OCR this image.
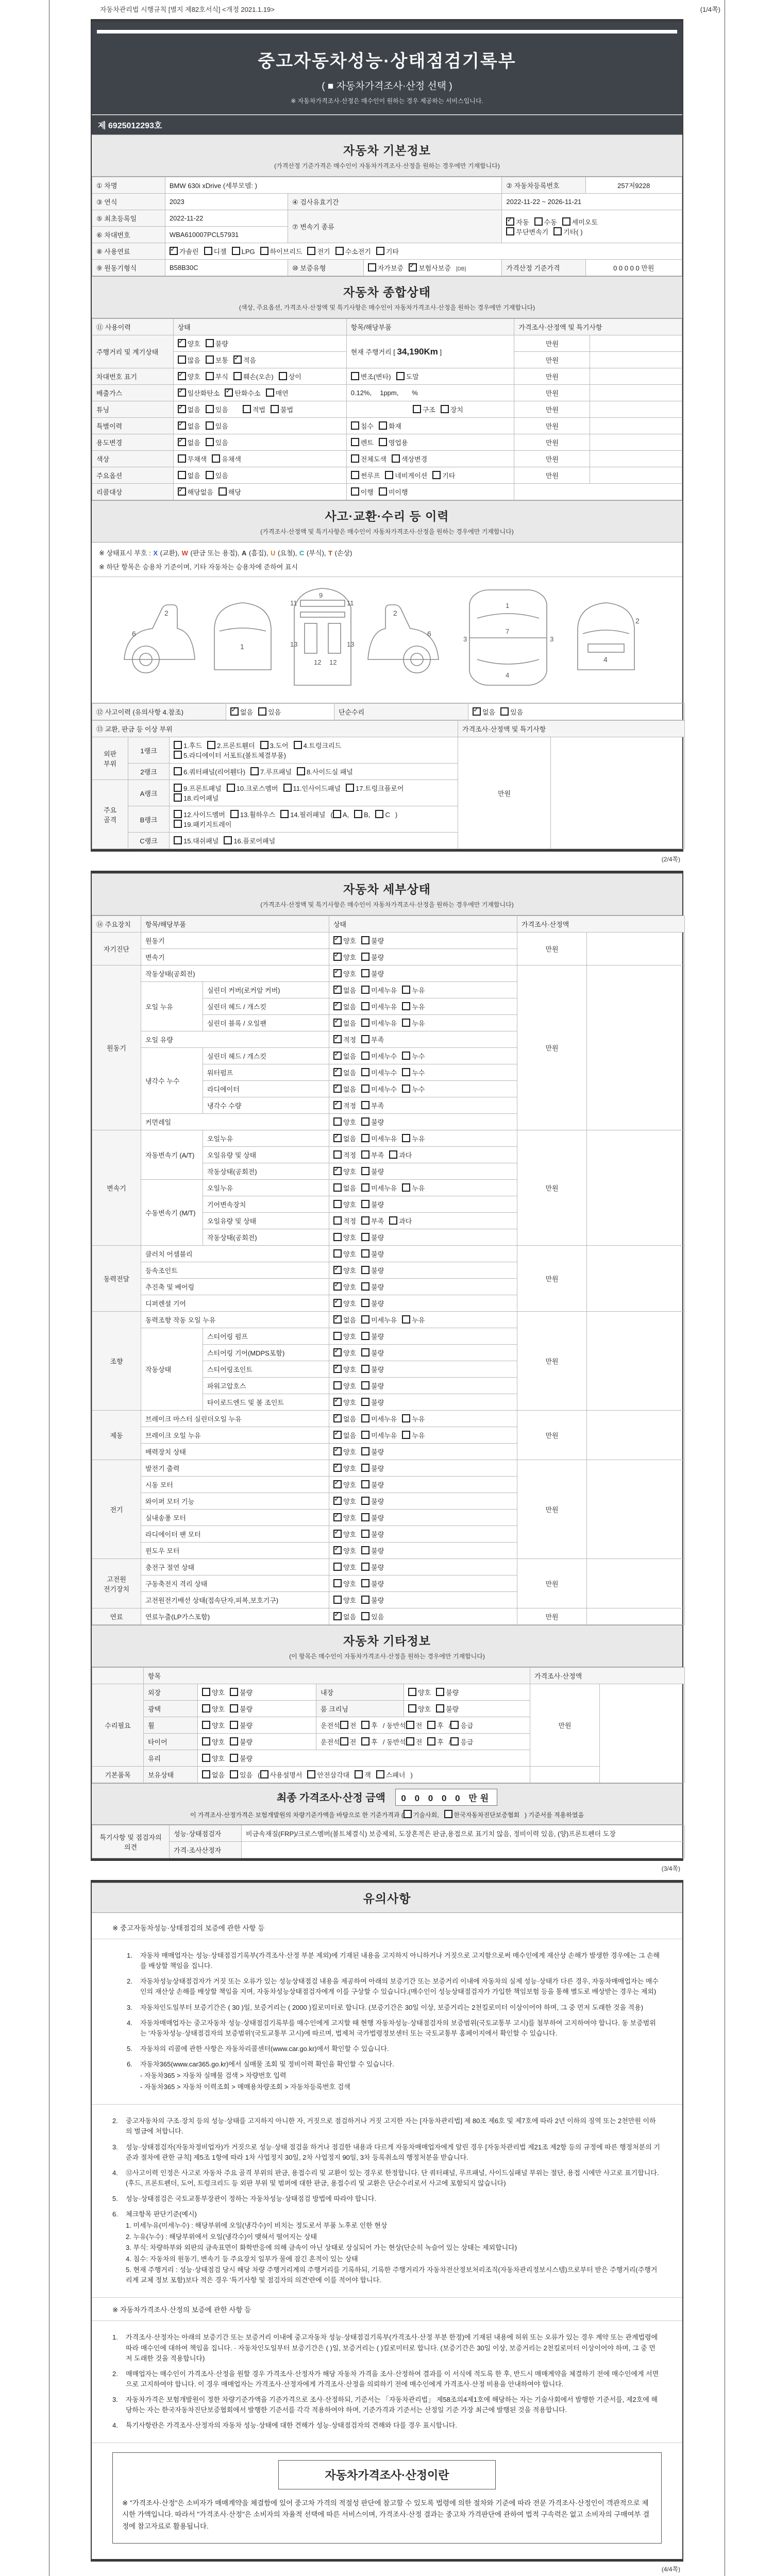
자동차관리법 시행규칙 [별지 제82호서식] <개정 2021.1.19>	(1/4쪽)
중고자동차성능·상태점검기록부
( ■ 자동차가격조사·산정 선택 )
※ 자동차가격조사·산정은 매수인이 원하는 경우 제공하는 서비스입니다.
제 6925012293호
자동차 기본정보
(가격산정 기준가격은 매수인이 자동차가격조사·산정을 원하는 경우에만 기재합니다)
① 차명	BMW 630i xDrive (세부모델: )			② 자동차등록번호	257저9228
③ 연식	2023	④ 검사유효기간		2022-11-22 ~ 2026-11-21	
⑤ 최초등록일	2022-11-22	⑦ 변속기 종류	✓자동 수동 세미오토
무단변속기 기타( )
⑥ 차대번호	WBA610007PCL57931				
⑧ 사용연료	✓가솔린 디젤 LPG 하이브리드 전기 수소전기 기타
⑨ 원동기형식	B58B30C	⑩ 보증유형	자가보증 ✓ 보험사보증 [DB]	가격산정 기준가격	0 0 0 0 0 만원
자동차 종합상태
(색상, 주요옵션, 가격조사·산정액 및 특기사항은 매수인이 자동차가격조사·산정을 원하는 경우에만 기재합니다)
⑪ 사용이력	상태	항목/해당부품	가격조사·산정액 및 특기사항	
주행거리 및 계기상태	✓양호 불량	현재 주행거리 [ 34,190Km ]	만원	
	많음 보통 ✓ 적음		만원	
차대번호 표기	✓양호 부식 훼손(오손) 상이	변조(변타) 도말	만원	
배출가스	✓일산화탄소 ✓ 탄화수소 매연	0.12%, 1ppm, %	만원	
튜닝	✓없음 있음 적법 불법	구조 장치	만원	
특별이력	✓없음 있음	침수 화재	만원	
용도변경	✓없음 있음	렌트 영업용	만원	
색상	무채색 유채색	전체도색 색상변경	만원	
주요옵션	없음 있음	썬루프 네비게이션 기타	만원	
리콜대상	✓해당없음 해당	이행 미이행		
사고·교환·수리 등 이력
(가격조사·산정액 및 특기사항은 매수인이 자동차가격조사·산정을 원하는 경우에만 기재합니다)
※ 상태표시 부호 : X (교환), W (판금 또는 용접), A (흠집), U (요철), C (부식), T (손상)
※ 하단 항목은 승용차 기준이며, 기타 자동차는 승용차에 준하여 표시
2
6
1
11	11
13	13
12 12
9
2
6
1
7
4
3	3
4
2
⑫ 사고이력 (유의사항 4.참조)	✓없음 있음	단순수리	✓없음 있음
⑬ 교환, 판금 등 이상 부위			가격조사·산정액 및 특기사항	
외판 부위	1랭크	1.후드 2.프론트휀더 3.도어 4.트렁크리드
5.라디에이터 서포트(볼트체결부품)	만원	
	2랭크	6.쿼터패널(리어휀다) 7.루프패널 8.사이드실 패널		
주요 골격	A랭크	9.프론트패널 10.크로스멤버 11.인사이드패널 17.트렁크플로어
18.리어패널		
	B랭크	12.사이드멤버 13.휠하우스 14.필러패널 ( A, B, C )
19.패키지트레이		
	C랭크	15.대쉬패널 16.플로어패널		
(2/4쪽)
자동차 세부상태
(가격조사·산정액 및 특기사항은 매수인이 자동차가격조사·산정을 원하는 경우에만 기재합니다)
⑭ 주요장치	항목/해당부품		상태	가격조사·산정액	
자기진단	원동기	✓양호 불량	만원	
	변속기	✓양호 불량
원동기	작동상태(공회전)	✓양호 불량	만원	
	오일 누유	실린더 커버(로커암 커버)	✓없음 미세누유 누유
		실린더 헤드 / 개스킷	✓없음 미세누유 누유
		실린더 블록 / 오일팬	✓없음 미세누유 누유
	오일 유량	✓적정 부족
	냉각수 누수	실린더 헤드 / 개스킷	✓없음 미세누수 누수
		워터펌프	✓없음 미세누수 누수
		라디에이터	✓없음 미세누수 누수
		냉각수 수량	✓적정 부족
	커먼레일		양호 불량		
변속기	자동변속기 (A/T)	오일누유	✓없음 미세누유 누유	만원	
		오일유량 및 상태	적정 부족 과다		
		작동상태(공회전)	✓양호 불량
	수동변속기 (M/T)	오일누유	없음 미세누유 누유		
		기어변속장치	양호 불량		
		오일유량 및 상태	적정 부족 과다		
		작동상태(공회전)	양호 불량		
동력전달	클러치 어셈블리		양호 불량	만원	
	등속조인트	✓양호 불량
	추진축 및 베어링	✓양호 불량
	디퍼렌셜 기어	✓양호 불량
조향	동력조향 작동 오일 누유	✓없음 미세누유 누유	만원	
	작동상태	스티어링 펌프	양호 불량		
		스티어링 기어(MDPS포함)	✓양호 불량
		스티어링조인트	✓양호 불량
		파워고압호스	양호 불량		
		타이로드엔드 및 볼 조인트	✓양호 불량
제동	브레이크 마스터 실린더오일 누유	✓없음 미세누유 누유	만원	
	브레이크 오일 누유	✓없음 미세누유 누유
	배력장치 상태	✓양호 불량
전기	발전기 출력	✓양호 불량	만원	
	시동 모터	✓양호 불량
	와이퍼 모터 기능	✓양호 불량
	실내송풍 모터	✓양호 불량
	라디에이터 팬 모터	✓양호 불량
	윈도우 모터	✓양호 불량
고전원 전기장치	충전구 절연 상태		양호 불량	만원	
	구동축전지 격리 상태		양호 불량		
	고전원전기배선 상태(접속단자,피복,보호기구)		양호 불량		
연료	연료누출(LP가스포함)	✓없음 있음	만원	
자동차 기타정보
(이 항목은 매수인이 자동차가격조사·산정을 원하는 경우에만 기재합니다)
	항목				가격조사·산정액	
수리필요	외장	양호 불량	내장	양호 불량	만원	
	광택	양호 불량	룸 크리닝	양호 불량		
	휠	양호 불량	운전석 전 후 / 동반석 전 후 / 응급			
	타이어	양호 불량	운전석 전 후 / 동반석 전 후 / 응급			
	유리	양호 불량				
기본품목	보유상태	없음 있음 ( 사용설명서 안전삼각대 잭 스패너 )				
최종 가격조사·산정 금액 0 0 0 0 0 만원
이 가격조사·산정가격은 보험개발원의 차량기준가액을 바탕으로 한 기준가격과 ( 기술사회, 한국자동차진단보증협회 ) 기준서를 적용하였음
특기사항 및 점검자의 의견	성능·상태점검자	비금속재질(FRP)/크로스멤버(볼트체결식) 보증제외, 도장흔적은 판금,용접으로 표기치 않음, 정비이력 있음, (양)프론트펜더 도장
	가격·조사산정자	
(3/4쪽)
유의사항
※ 중고자동차성능·상태점검의 보증에 관한 사항 등
1.	자동차 매매업자는 성능·상태점검기록부(가격조사·산정 부분 제외)에 기재된 내용을 고지하지 아니하거나 거짓으로 고지함으로써 매수인에게 재산상 손해가 발생한 경우에는 그 손해를 배상할 책임을 집니다.
2.	자동차성능상태점검자가 거짓 또는 오류가 있는 성능상태점검 내용을 제공하여 아래의 보증기간 또는 보증거리 이내에 자동차의 실제 성능·상태가 다른 경우, 자동차매매업자는 매수인의 재산상 손해를 배상할 책임을 지며, 자동차성능상태점검자에게 이를 구상할 수 있습니다.(매수인이 성능상태점검자가 가입한 책임보험 등을 통해 별도로 배상받는 경우는 제외)
3.	자동차인도일부터 보증기간은 ( 30 )일, 보증거리는 ( 2000 )킬로미터로 합니다. (보증기간은 30일 이상, 보증거리는 2천킬로미터 이상이어야 하며, 그 중 먼저 도래한 것을 적용)
4.	자동차매매업자는 중고자동차 성능·상태점검기록부를 매수인에게 고지할 때 현행 자동차성능·상태점검자의 보증범위(국토교통부 고시)를 첨부하여 고지하여야 합니다. 동 보증범위는 '자동차성능·상태점검자의 보증범위'(국토교통부 고시)에 따르며, 법제처 국가법령정보센터 또는 국토교통부 홈페이지에서 확인할 수 있습니다.
5.	자동차의 리콜에 관한 사항은 자동차리콜센터(www.car.go.kr)에서 확인할 수 있습니다.
6.	자동차365(www.car365.go.kr)에서 실매물 조회 및 정비이력 확인을 확인할 수 있습니다.
- 자동차365 > 자동차 실매물 검색 > 차량번호 입력
- 자동차365 > 자동차 이력조회 > 매매용차량조회 > 자동차등록번호 검색
2.	중고자동차의 구조·장치 등의 성능·상태를 고지하지 아니한 자, 거짓으로 점검하거나 거짓 고지한 자는 [자동차관리법] 제 80조 제6호 및 제7호에 따라 2년 이하의 징역 또는 2천만원 이하의 벌금에 처합니다.
3.	성능·상태점검자(자동차정비업자)가 거짓으로 성능·상태 점검을 하거나 점검한 내용과 다르게 자동차매매업자에게 알린 경우 [자동차관리법 제21조 제2항 등의 규정에 따른 행정처분의 기준과 절차에 관한 규칙] 제5조 1항에 따라 1차 사업정지 30일, 2차 사업정지 90일, 3차 등록취소의 행정처분을 받습니다.
4.	⑫사고이력 인정은 사고로 자동차 주요 골격 부위의 판금, 용접수리 및 교환이 있는 경우로 한정합니다. 단 쿼터패널, 루프패널, 사이드실패널 부위는 절단, 용접 시에만 사고로 표기합니다. (후드, 프론트펜더, 도어, 트렁크리드 등 외판 부위 및 범퍼에 대한 판금, 용접수리 및 교환은 단순수리로서 사고에 포함되지 않습니다)
5.	성능·상태점검은 국토교통부장관이 정하는 자동차성능·상태점검 방법에 따라야 합니다.
6.	체크항목 판단기준(예시)
1. 미세누유(미세누수) : 해당부위에 오일(냉각수)이 비치는 정도로서 부품 노후로 인한 현상
2. 누유(누수) : 해당부위에서 오일(냉각수)이 맺혀서 떨어지는 상태
3. 부식: 차량하부와 외판의 금속표면이 화학반응에 의해 금속이 아닌 상태로 상실되어 가는 현상(단순히 녹슬어 있는 상태는 제외합니다)
4. 침수: 자동차의 원동기, 변속기 등 주요장치 일부가 물에 잠긴 흔적이 있는 상태
5. 현재 주행거리 : 성능·상태점검 당시 해당 차량 주행거리계의 주행거리를 기록하되, 기록한 주행거리가 자동차전산정보처리조직(자동차관리정보시스템)으로부터 받은 주행거리(주행거리계 교체 정보 포함)보다 적은 경우 '특기사항 및 점검자의 의견'란에 이를 적어야 합니다.
※ 자동차가격조사·산정의 보증에 관한 사항 등
1.	가격조사·산정자는 아래의 보증기간 또는 보증거리 이내에 중고자동차 성능·상태점검기록부(가격조사·산정 부분 한정)에 기재된 내용에 허위 또는 오류가 있는 경우 계약 또는 관계법령에 따라 매수인에 대하여 책임을 집니다. · 자동차인도일부터 보증기간은 ( )일, 보증거리는 ( )킬로미터로 합니다. (보증기간은 30일 이상, 보증거리는 2천킬로미터 이상이어야 하며, 그 중 먼저 도래한 것을 적용합니다)
2.	매매업자는 매수인이 가격조사·산정을 원할 경우 가격조사·산정자가 해당 자동차 가격을 조사·산정하여 결과를 이 서식에 적도록 한 후, 반드시 매매계약을 체결하기 전에 매수인에게 서면으로 고지하여야 합니다. 이 경우 매매업자는 가격조사·산정자에게 가격조사·산정을 의뢰하기 전에 매수인에게 가격조사·산정 비용을 안내하여야 합니다.
3.	자동차가격은 보험개발원이 정한 차량기준가액을 기준가격으로 조사·산정하되, 기준서는 「자동차관리법」 제58조의4제1호에 해당하는 자는 기술사회에서 발행한 기준서를, 제2호에 해당하는 자는 한국자동차진단보증협회에서 발행한 기준서를 각각 적용하여야 하며, 기준가격과 기준서는 산정일 기준 가장 최근에 발행된 것을 적용합니다.
4.	특기사항란은 가격조사·산정자의 자동차 성능·상태에 대한 견해가 성능·상태점검자의 견해와 다를 경우 표시합니다.
자동차가격조사·산정이란
※ "가격조사·산정"은 소비자가 매매계약을 체결함에 있어 중고차 가격의 적절성 판단에 참고할 수 있도록 법령에 의한 절차와 기준에 따라 전문 가격조사·산정인이 객관적으로 제시한 가액입니다. 따라서 "가격조사·산정"은 소비자의 자율적 선택에 따른 서비스이며, 가격조사·산정 결과는 중고차 가격판단에 관하여 법적 구속력은 없고 소비자의 구매여부 결정에 참고자료로 활용됩니다.
(4/4쪽)
